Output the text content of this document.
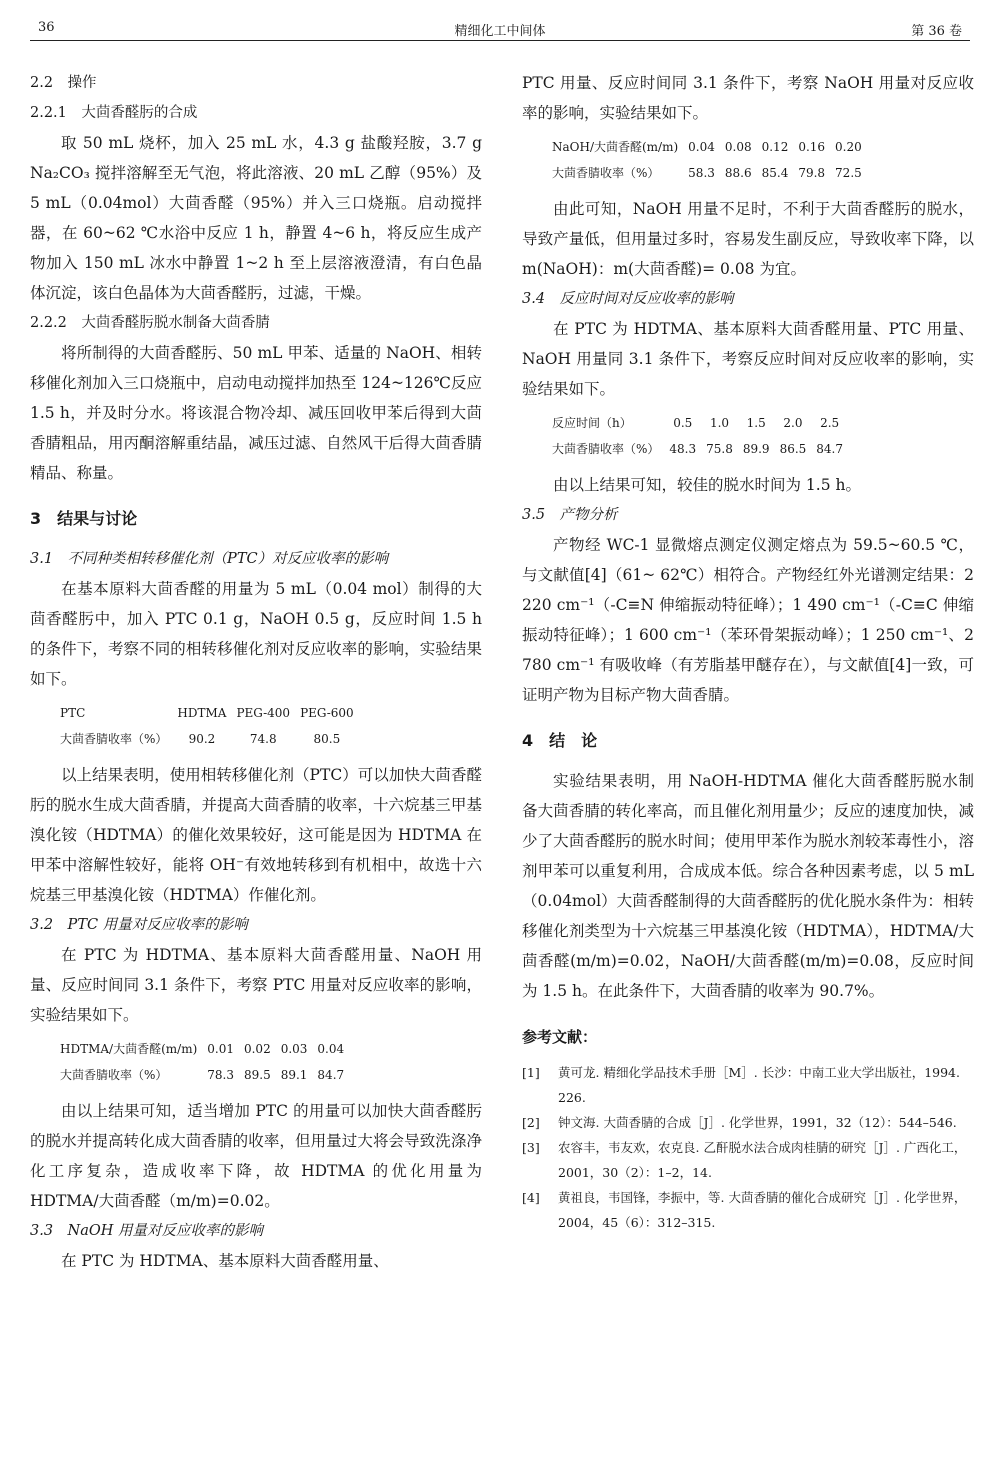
36	精细化工中间体	第 36 卷

2.2　操作

2.2.1　大茴香醛肟的合成

取 50 mL 烧杯，加入 25 mL 水，4.3 g 盐酸羟胺，3.7 g Na₂CO₃ 搅拌溶解至无气泡，将此溶液、20 mL 乙醇（95%）及 5 mL（0.04mol）大茴香醛（95%）并入三口烧瓶。启动搅拌器，在 60~62 ℃水浴中反应 1 h，静置 4~6 h，将反应生成产物加入 150 mL 冰水中静置 1~2 h 至上层溶液澄清，有白色晶体沉淀，该白色晶体为大茴香醛肟，过滤，干燥。

2.2.2　大茴香醛肟脱水制备大茴香腈

将所制得的大茴香醛肟、50 mL 甲苯、适量的 NaOH、相转移催化剂加入三口烧瓶中，启动电动搅拌加热至 124~126℃反应 1.5 h，并及时分水。将该混合物冷却、减压回收甲苯后得到大茴香腈粗品，用丙酮溶解重结晶，减压过滤、自然风干后得大茴香腈精品、称量。

3　结果与讨论

3.1　不同种类相转移催化剂（PTC）对反应收率的影响

在基本原料大茴香醛的用量为 5 mL（0.04 mol）制得的大茴香醛肟中，加入 PTC 0.1 g，NaOH 0.5 g，反应时间 1.5 h 的条件下，考察不同的相转移催化剂对反应收率的影响，实验结果如下。

PTC	HDTMA	PEG-400	PEG-600
大茴香腈收率（%）	90.2	74.8	80.5

以上结果表明，使用相转移催化剂（PTC）可以加快大茴香醛肟的脱水生成大茴香腈，并提高大茴香腈的收率，十六烷基三甲基溴化铵（HDTMA）的催化效果较好，这可能是因为 HDTMA 在甲苯中溶解性较好，能将 OH⁻有效地转移到有机相中，故选十六烷基三甲基溴化铵（HDTMA）作催化剂。

3.2　PTC 用量对反应收率的影响

在 PTC 为 HDTMA、基本原料大茴香醛用量、NaOH 用量、反应时间同 3.1 条件下，考察 PTC 用量对反应收率的影响，实验结果如下。

HDTMA/大茴香醛(m/m)	0.01	0.02	0.03	0.04
大茴香腈收率（%）	78.3	89.5	89.1	84.7

由以上结果可知，适当增加 PTC 的用量可以加快大茴香醛肟的脱水并提高转化成大茴香腈的收率，但用量过大将会导致洗涤净化工序复杂，造成收率下降，故 HDTMA 的优化用量为 HDTMA/大茴香醛（m/m)=0.02。

3.3　NaOH 用量对反应收率的影响

在 PTC 为 HDTMA、基本原料大茴香醛用量、

PTC 用量、反应时间同 3.1 条件下，考察 NaOH 用量对反应收率的影响，实验结果如下。

NaOH/大茴香醛(m/m)	0.04	0.08	0.12	0.16	0.20
大茴香腈收率（%）	58.3	88.6	85.4	79.8	72.5

由此可知，NaOH 用量不足时，不利于大茴香醛肟的脱水，导致产量低，但用量过多时，容易发生副反应，导致收率下降，以 m(NaOH)：m(大茴香醛)= 0.08 为宜。

3.4　反应时间对反应收率的影响

在 PTC 为 HDTMA、基本原料大茴香醛用量、PTC 用量、NaOH 用量同 3.1 条件下，考察反应时间对反应收率的影响，实验结果如下。

反应时间（h）	0.5	1.0	1.5	2.0	2.5
大茴香腈收率（%）	48.3	75.8	89.9	86.5	84.7

由以上结果可知，较佳的脱水时间为 1.5 h。

3.5　产物分析

产物经 WC-1 显微熔点测定仪测定熔点为 59.5~60.5 ℃，与文献值[4]（61~ 62℃）相符合。产物经红外光谱测定结果：2 220 cm⁻¹（-C≡N 伸缩振动特征峰）；1 490 cm⁻¹（-C≡C 伸缩振动特征峰）；1 600 cm⁻¹（苯环骨架振动峰）；1 250 cm⁻¹、2 780 cm⁻¹ 有吸收峰（有芳脂基甲醚存在），与文献值[4]一致，可证明产物为目标产物大茴香腈。

4　结　论

实验结果表明，用 NaOH-HDTMA 催化大茴香醛肟脱水制备大茴香腈的转化率高，而且催化剂用量少；反应的速度加快，减少了大茴香醛肟的脱水时间；使用甲苯作为脱水剂较苯毒性小，溶剂甲苯可以重复利用，合成成本低。综合各种因素考虑，以 5 mL（0.04mol）大茴香醛制得的大茴香醛肟的优化脱水条件为：相转移催化剂类型为十六烷基三甲基溴化铵（HDTMA），HDTMA/大茴香醛(m/m)=0.02，NaOH/大茴香醛(m/m)=0.08，反应时间为 1.5 h。在此条件下，大茴香腈的收率为 90.7%。

参考文献：

[1] 黄可龙. 精细化学品技术手册［M］. 长沙：中南工业大学出版社，1994. 226.

[2] 钟文海. 大茴香腈的合成［J］. 化学世界，1991，32（12）：544–546.

[3] 农容丰，韦友欢，农克良. 乙酐脱水法合成肉桂腈的研究［J］. 广西化工，2001，30（2）：1–2，14.

[4] 黄祖良，韦国锋，李振中，等. 大茴香腈的催化合成研究［J］. 化学世界，2004，45（6）：312–315.
